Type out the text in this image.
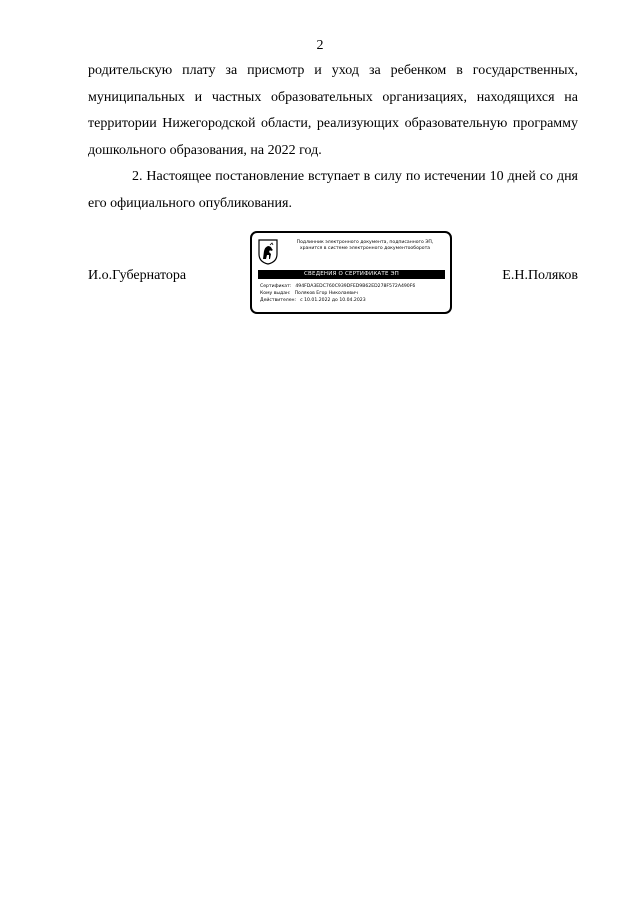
2

родительскую плату за присмотр и уход за ребенком в государственных, муниципальных и частных образовательных организациях, находящихся на территории Нижегородской области, реализующих образовательную программу дошкольного образования, на 2022 год.

2. Настоящее постановление вступает в силу по истечении 10 дней со дня его официального опубликования.

И.о.Губернатора
Подлинник электронного документа, подписанного ЭП,
хранится в системе электронного документооборота
СВЕДЕНИЯ О СЕРТИФИКАТЕ ЭП
Сертификат: 494FDA3EDC760C939DFED9B62ED278F572A490F6
Кому выдан: Поляков Егор Николаевич
Действителен: с 10.01.2022 до 10.04.2023
Е.Н.Поляков
